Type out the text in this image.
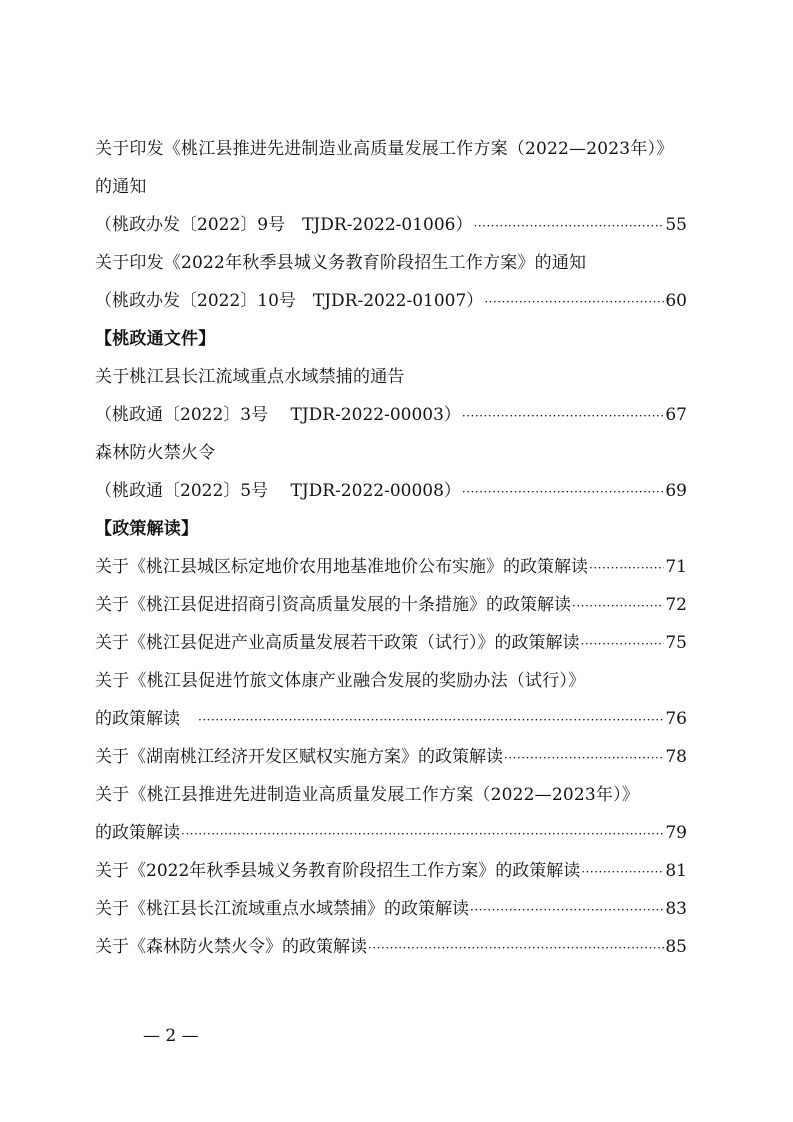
关于印发《桃江县推进先进制造业高质量发展工作方案（2022—2023年）》
的通知
（桃政办发〔2022〕9号　TJDR-2022-01006） ·····	55
关于印发《2022年秋季县城义务教育阶段招生工作方案》的通知
（桃政办发〔2022〕10号　TJDR-2022-01007） ·····	60
【桃政通文件】
关于桃江县长江流域重点水域禁捕的通告
（桃政通〔2022〕3号　 TJDR-2022-00003） ·····	67
森林防火禁火令
（桃政通〔2022〕5号　 TJDR-2022-00008） ·····	69
【政策解读】
关于《桃江县城区标定地价农用地基准地价公布实施》的政策解读 ·····	71
关于《桃江县促进招商引资高质量发展的十条措施》的政策解读 ·····	72
关于《桃江县促进产业高质量发展若干政策（试行）》的政策解读 ·····	75
关于《桃江县促进竹旅文体康产业融合发展的奖励办法（试行）》
的政策解读　 ·····	76
关于《湖南桃江经济开发区赋权实施方案》的政策解读 ·····	78
关于《桃江县推进先进制造业高质量发展工作方案（2022—2023年）》
的政策解读 ·····	79
关于《2022年秋季县城义务教育阶段招生工作方案》的政策解读 ·····	81
关于《桃江县长江流域重点水域禁捕》的政策解读 ·····	83
关于《森林防火禁火令》的政策解读 ·····	85
— 2 —
